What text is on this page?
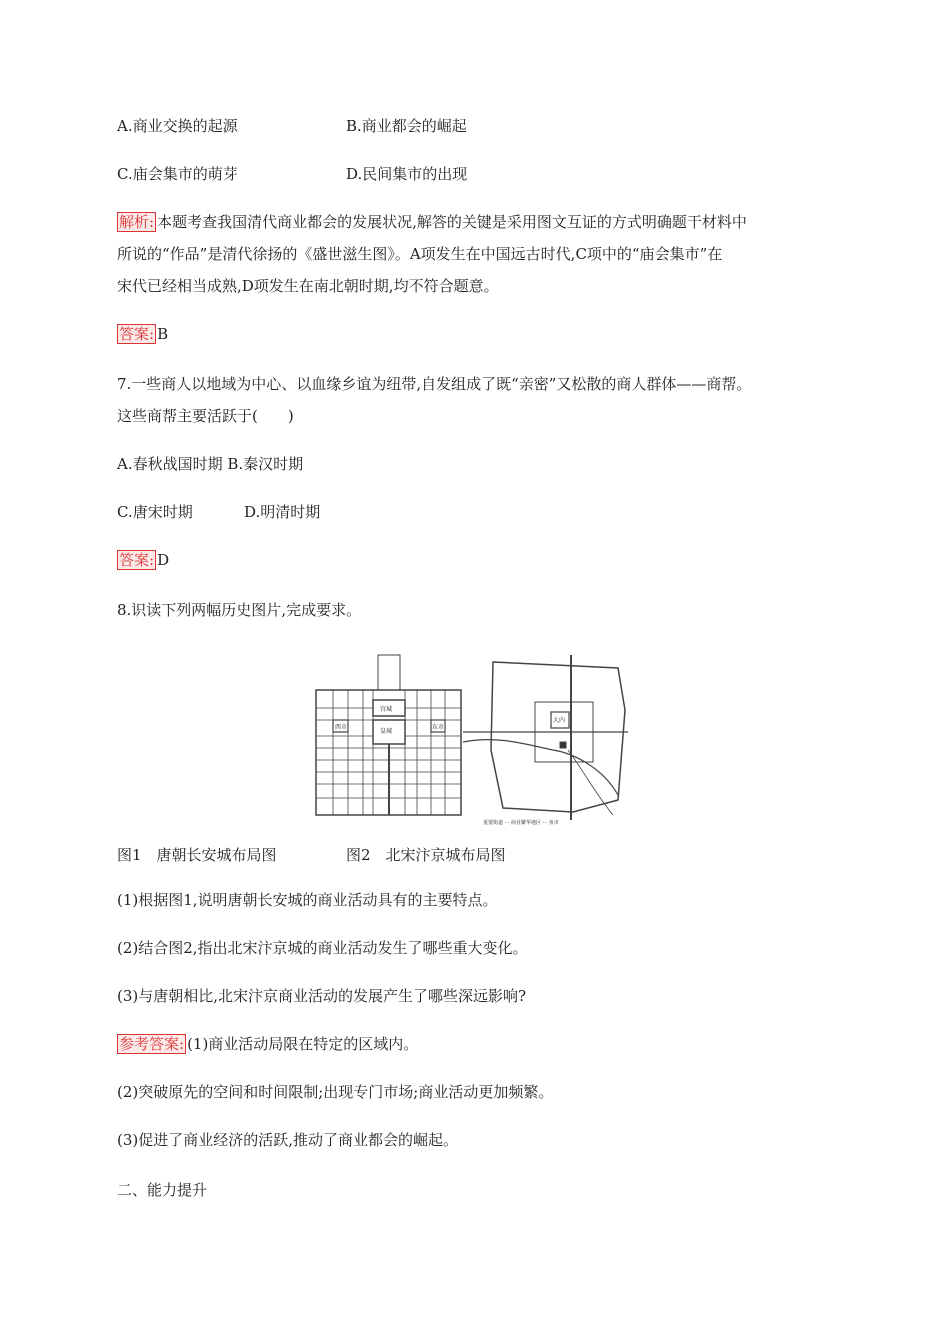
A.商业交换的起源	B.商业都会的崛起
C.庙会集市的萌芽	D.民间集市的出现
解析: 本题考查我国清代商业都会的发展状况,解答的关键是采用图文互证的方式明确题干材料中
所说的“作品”是清代徐扬的《盛世滋生图》。A项发生在中国远古时代,C项中的“庙会集市”在
宋代已经相当成熟,D项发生在南北朝时期,均不符合题意。
答案: B
7.一些商人以地域为中心、以血缘乡谊为纽带,自发组成了既“亲密”又松散的商人群体——商帮。
这些商帮主要活跃于(　　)
A.春秋战国时期 B.秦汉时期
C.唐宋时期	D.明清时期
答案: D
8.识读下列两幅历史图片,完成要求。
宫城
皇城
西市	东市
大内
重要街道 ··· 商业繁华地区 ··· 鱼市
图1　唐朝长安城布局图	图2　北宋汴京城布局图
(1)根据图1,说明唐朝长安城的商业活动具有的主要特点。
(2)结合图2,指出北宋汴京城的商业活动发生了哪些重大变化。
(3)与唐朝相比,北宋汴京商业活动的发展产生了哪些深远影响?
参考答案: (1)商业活动局限在特定的区域内。
(2)突破原先的空间和时间限制;出现专门市场;商业活动更加频繁。
(3)促进了商业经济的活跃,推动了商业都会的崛起。
二、能力提升
